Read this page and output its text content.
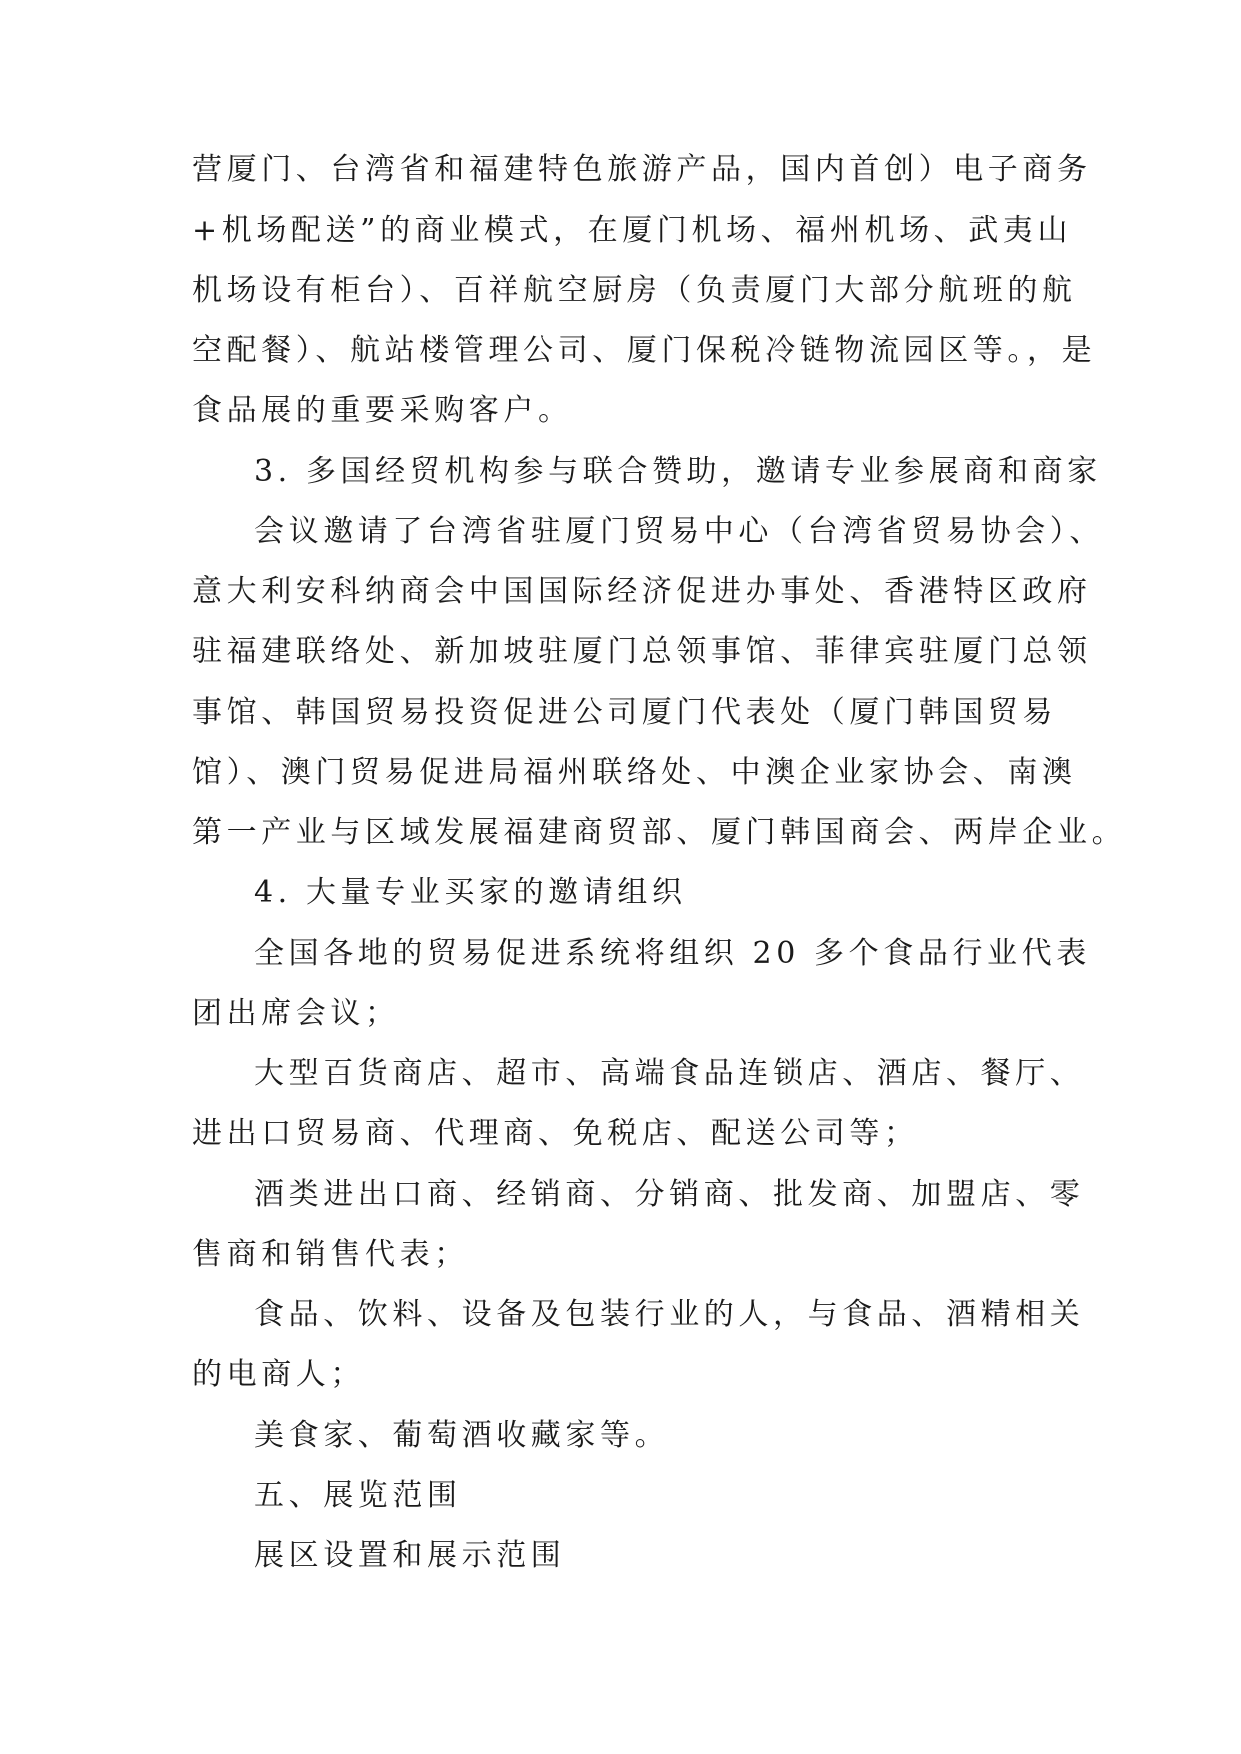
营厦门、台湾省和福建特色旅游产品，国内首创）电子商务
+机场配送”的商业模式，在厦门机场、福州机场、武夷山
机场设有柜台）、百祥航空厨房（负责厦门大部分航班的航
空配餐）、航站楼管理公司、厦门保税冷链物流园区等。，是
食品展的重要采购客户。
3. 多国经贸机构参与联合赞助，邀请专业参展商和商家
会议邀请了台湾省驻厦门贸易中心（台湾省贸易协会）、
意大利安科纳商会中国国际经济促进办事处、香港特区政府
驻福建联络处、新加坡驻厦门总领事馆、菲律宾驻厦门总领
事馆、韩国贸易投资促进公司厦门代表处（厦门韩国贸易
馆）、澳门贸易促进局福州联络处、中澳企业家协会、南澳
第一产业与区域发展福建商贸部、厦门韩国商会、两岸企业。
4. 大量专业买家的邀请组织
全国各地的贸易促进系统将组织 20 多个食品行业代表
团出席会议；
大型百货商店、超市、高端食品连锁店、酒店、餐厅、
进出口贸易商、代理商、免税店、配送公司等；
酒类进出口商、经销商、分销商、批发商、加盟店、零
售商和销售代表；
食品、饮料、设备及包装行业的人，与食品、酒精相关
的电商人；
美食家、葡萄酒收藏家等。
五、展览范围
展区设置和展示范围
